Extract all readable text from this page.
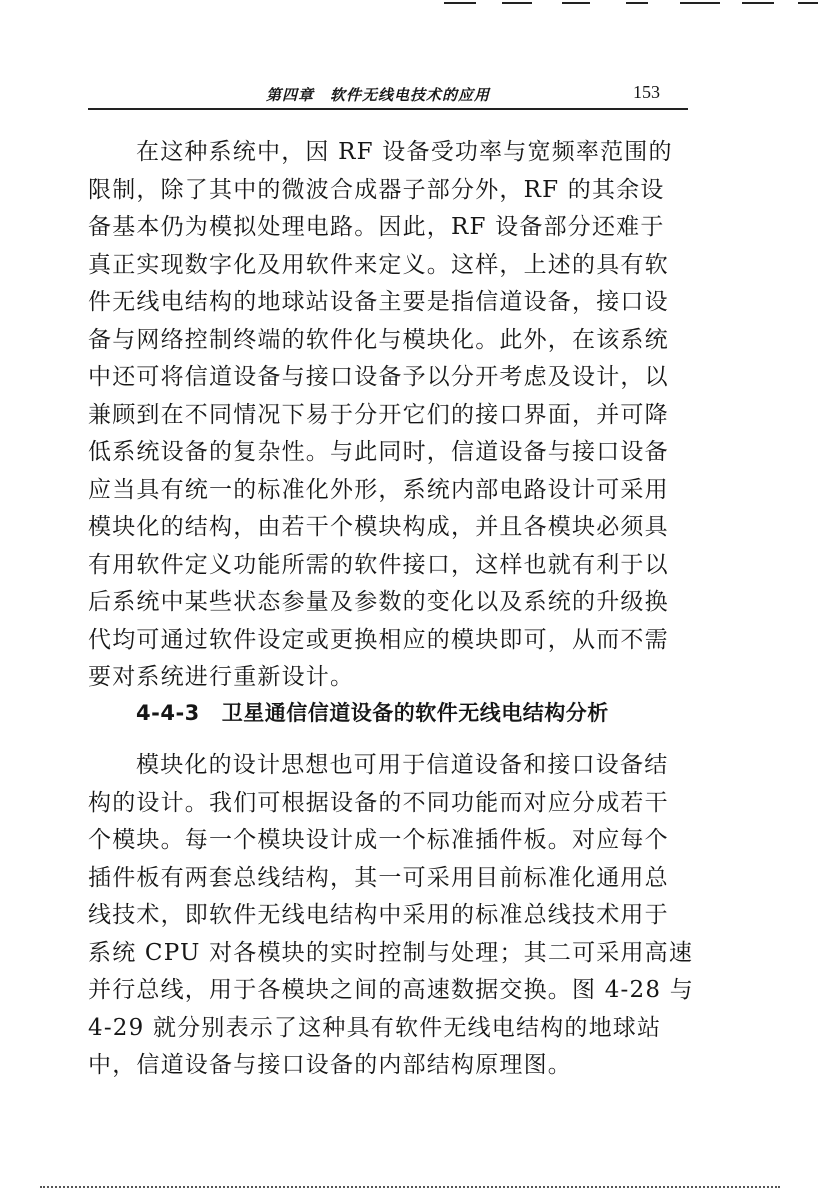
第四章　软件无线电技术的应用	153
在这种系统中，因 RF 设备受功率与宽频率范围的
限制，除了其中的微波合成器子部分外，RF 的其余设
备基本仍为模拟处理电路。因此，RF 设备部分还难于
真正实现数字化及用软件来定义。这样，上述的具有软
件无线电结构的地球站设备主要是指信道设备，接口设
备与网络控制终端的软件化与模块化。此外，在该系统
中还可将信道设备与接口设备予以分开考虑及设计，以
兼顾到在不同情况下易于分开它们的接口界面，并可降
低系统设备的复杂性。与此同时，信道设备与接口设备
应当具有统一的标准化外形，系统内部电路设计可采用
模块化的结构，由若干个模块构成，并且各模块必须具
有用软件定义功能所需的软件接口，这样也就有利于以
后系统中某些状态参量及参数的变化以及系统的升级换
代均可通过软件设定或更换相应的模块即可，从而不需
要对系统进行重新设计。
4-4-3 卫星通信信道设备的软件无线电结构分析
模块化的设计思想也可用于信道设备和接口设备结
构的设计。我们可根据设备的不同功能而对应分成若干
个模块。每一个模块设计成一个标准插件板。对应每个
插件板有两套总线结构，其一可采用目前标准化通用总
线技术，即软件无线电结构中采用的标准总线技术用于
系统 CPU 对各模块的实时控制与处理；其二可采用高速
并行总线，用于各模块之间的高速数据交换。图 4-28 与
4-29 就分别表示了这种具有软件无线电结构的地球站
中，信道设备与接口设备的内部结构原理图。
